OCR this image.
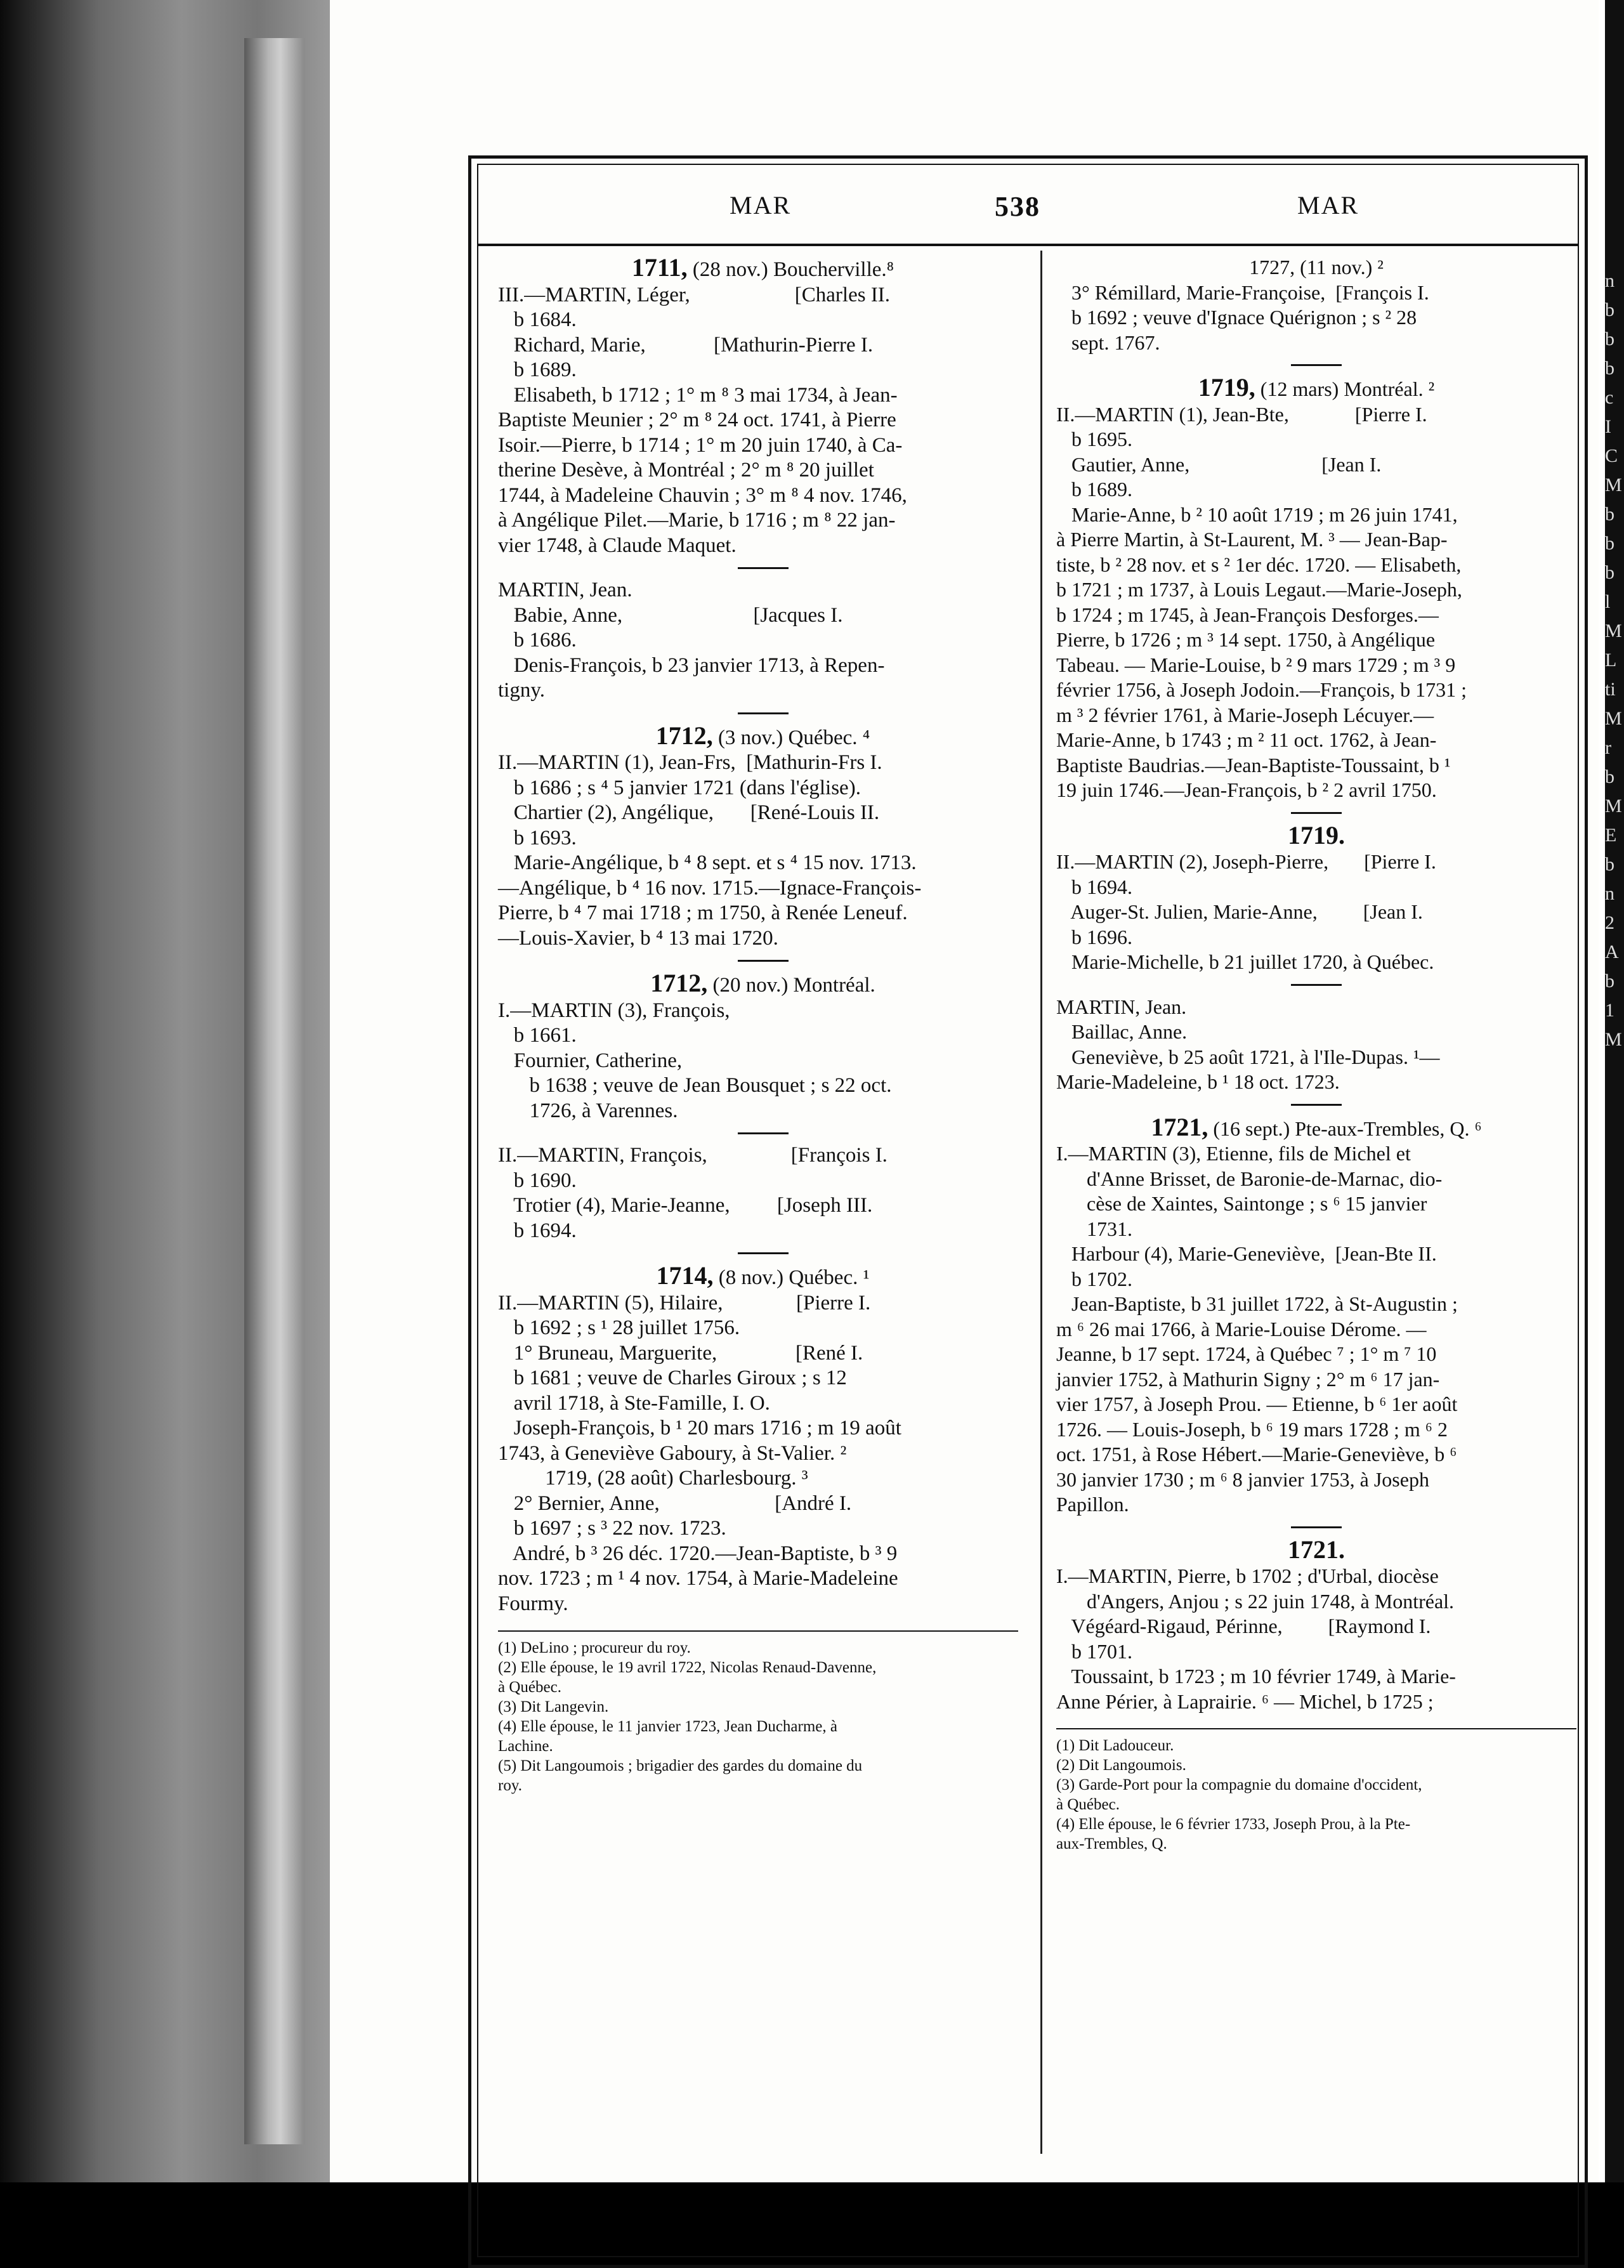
n
b
b
b
c
I
C
M
b
b
b
l
M
L
ti
M
r
b
M
E
b
n
2
A
b
1
M
MAR	538	MAR

1711, (28 nov.) Boucherville.⁸

III.—MARTIN, Léger,                    [Charles II.

b 1684.

Richard, Marie,             [Mathurin-Pierre I.

b 1689.

Elisabeth, b 1712 ; 1° m ⁸ 3 mai 1734, à Jean-

Baptiste Meunier ; 2° m ⁸ 24 oct. 1741, à Pierre

Isoir.—Pierre, b 1714 ; 1° m 20 juin 1740, à Ca-

therine Desève, à Montréal ; 2° m ⁸ 20 juillet

1744, à Madeleine Chauvin ; 3° m ⁸ 4 nov. 1746,

à Angélique Pilet.—Marie, b 1716 ; m ⁸ 22 jan-

vier 1748, à Claude Maquet.

MARTIN, Jean.

Babie, Anne,                         [Jacques I.

b 1686.

Denis-François, b 23 janvier 1713, à Repen-

tigny.

1712, (3 nov.) Québec. ⁴

II.—MARTIN (1), Jean-Frs,  [Mathurin-Frs I.

b 1686 ; s ⁴ 5 janvier 1721 (dans l'église).

Chartier (2), Angélique,       [René-Louis II.

b 1693.

Marie-Angélique, b ⁴ 8 sept. et s ⁴ 15 nov. 1713.

—Angélique, b ⁴ 16 nov. 1715.—Ignace-François-

Pierre, b ⁴ 7 mai 1718 ; m 1750, à Renée Leneuf.

—Louis-Xavier, b ⁴ 13 mai 1720.

1712, (20 nov.) Montréal.

I.—MARTIN (3), François,

b 1661.

Fournier, Catherine,

b 1638 ; veuve de Jean Bousquet ; s 22 oct.

1726, à Varennes.

II.—MARTIN, François,                [François I.

b 1690.

Trotier (4), Marie-Jeanne,         [Joseph III.

b 1694.

1714, (8 nov.) Québec. ¹

II.—MARTIN (5), Hilaire,              [Pierre I.

b 1692 ; s ¹ 28 juillet 1756.

1° Bruneau, Marguerite,               [René I.

b 1681 ; veuve de Charles Giroux ; s 12

avril 1718, à Ste-Famille, I. O.

Joseph-François, b ¹ 20 mars 1716 ; m 19 août

1743, à Geneviève Gaboury, à St-Valier. ²

1719, (28 août) Charlesbourg. ³

2° Bernier, Anne,                      [André I.

b 1697 ; s ³ 22 nov. 1723.

André, b ³ 26 déc. 1720.—Jean-Baptiste, b ³ 9

nov. 1723 ; m ¹ 4 nov. 1754, à Marie-Madeleine

Fourmy.

(1) DeLino ; procureur du roy.

(2) Elle épouse, le 19 avril 1722, Nicolas Renaud-Davenne,

à Québec.

(3) Dit Langevin.

(4) Elle épouse, le 11 janvier 1723, Jean Ducharme, à

Lachine.

(5) Dit Langoumois ; brigadier des gardes du domaine du

roy.

1727, (11 nov.) ²

3° Rémillard, Marie-Françoise,  [François I.

b 1692 ; veuve d'Ignace Quérignon ; s ² 28

sept. 1767.

1719, (12 mars) Montréal. ²

II.—MARTIN (1), Jean-Bte,             [Pierre I.

b 1695.

Gautier, Anne,                          [Jean I.

b 1689.

Marie-Anne, b ² 10 août 1719 ; m 26 juin 1741,

à Pierre Martin, à St-Laurent, M. ³ — Jean-Bap-

tiste, b ² 28 nov. et s ² 1er déc. 1720. — Elisabeth,

b 1721 ; m 1737, à Louis Legaut.—Marie-Joseph,

b 1724 ; m 1745, à Jean-François Desforges.—

Pierre, b 1726 ; m ³ 14 sept. 1750, à Angélique

Tabeau. — Marie-Louise, b ² 9 mars 1729 ; m ³ 9

février 1756, à Joseph Jodoin.—François, b 1731 ;

m ³ 2 février 1761, à Marie-Joseph Lécuyer.—

Marie-Anne, b 1743 ; m ² 11 oct. 1762, à Jean-

Baptiste Baudrias.—Jean-Baptiste-Toussaint, b ¹

19 juin 1746.—Jean-François, b ² 2 avril 1750.

1719.

II.—MARTIN (2), Joseph-Pierre,       [Pierre I.

b 1694.

Auger-St. Julien, Marie-Anne,         [Jean I.

b 1696.

Marie-Michelle, b 21 juillet 1720, à Québec.

MARTIN, Jean.

Baillac, Anne.

Geneviève, b 25 août 1721, à l'Ile-Dupas. ¹—

Marie-Madeleine, b ¹ 18 oct. 1723.

1721, (16 sept.) Pte-aux-Trembles, Q. ⁶

I.—MARTIN (3), Etienne, fils de Michel et

d'Anne Brisset, de Baronie-de-Marnac, dio-

cèse de Xaintes, Saintonge ; s ⁶ 15 janvier

1731.

Harbour (4), Marie-Geneviève,  [Jean-Bte II.

b 1702.

Jean-Baptiste, b 31 juillet 1722, à St-Augustin ;

m ⁶ 26 mai 1766, à Marie-Louise Dérome. —

Jeanne, b 17 sept. 1724, à Québec ⁷ ; 1° m ⁷ 10

janvier 1752, à Mathurin Signy ; 2° m ⁶ 17 jan-

vier 1757, à Joseph Prou. — Etienne, b ⁶ 1er août

1726. — Louis-Joseph, b ⁶ 19 mars 1728 ; m ⁶ 2

oct. 1751, à Rose Hébert.—Marie-Geneviève, b ⁶

30 janvier 1730 ; m ⁶ 8 janvier 1753, à Joseph

Papillon.

1721.

I.—MARTIN, Pierre, b 1702 ; d'Urbal, diocèse

d'Angers, Anjou ; s 22 juin 1748, à Montréal.

Végéard-Rigaud, Périnne,         [Raymond I.

b 1701.

Toussaint, b 1723 ; m 10 février 1749, à Marie-

Anne Périer, à Laprairie. ⁶ — Michel, b 1725 ;

(1) Dit Ladouceur.

(2) Dit Langoumois.

(3) Garde-Port pour la compagnie du domaine d'occident,

à Québec.

(4) Elle épouse, le 6 février 1733, Joseph Prou, à la Pte-

aux-Trembles, Q.
